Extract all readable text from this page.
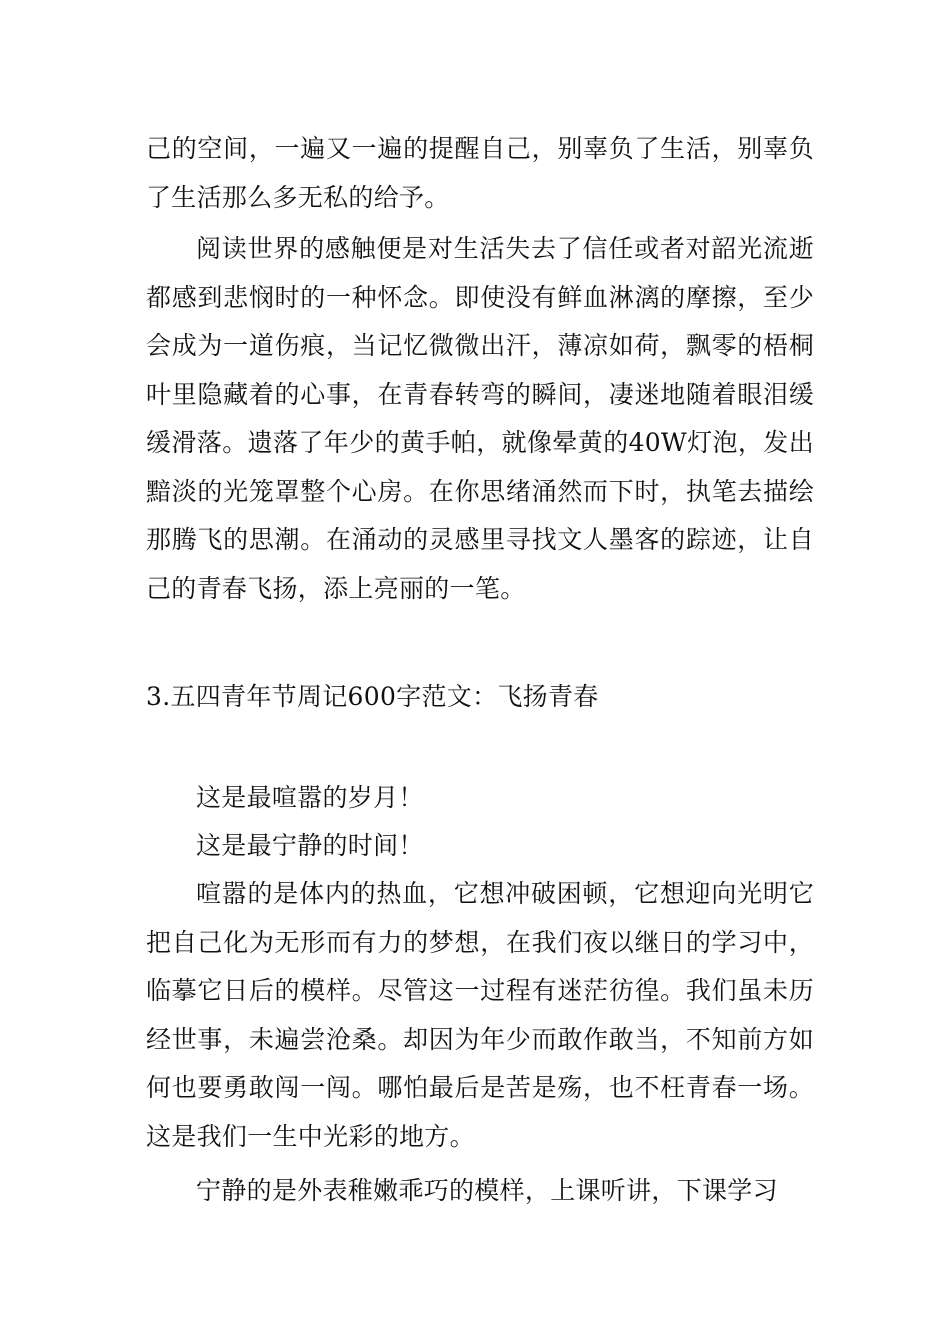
己的空间，一遍又一遍的提醒自己，别辜负了生活，别辜负了生活那么多无私的给予。

阅读世界的感触便是对生活失去了信任或者对韶光流逝都感到悲悯时的一种怀念。即使没有鲜血淋漓的摩擦，至少会成为一道伤痕，当记忆微微出汗，薄凉如荷，飘零的梧桐叶里隐藏着的心事，在青春转弯的瞬间，凄迷地随着眼泪缓缓滑落。遗落了年少的黄手帕，就像晕黄的40W灯泡，发出黯淡的光笼罩整个心房。在你思绪涌然而下时，执笔去描绘那腾飞的思潮。在涌动的灵感里寻找文人墨客的踪迹，让自己的青春飞扬，添上亮丽的一笔。

3.五四青年节周记600字范文：飞扬青春

这是最喧嚣的岁月！

这是最宁静的时间！

喧嚣的是体内的热血，它想冲破困顿，它想迎向光明它把自己化为无形而有力的梦想，在我们夜以继日的学习中，临摹它日后的模样。尽管这一过程有迷茫彷徨。我们虽未历经世事，未遍尝沧桑。却因为年少而敢作敢当，不知前方如何也要勇敢闯一闯。哪怕最后是苦是殇，也不枉青春一场。这是我们一生中光彩的地方。

宁静的是外表稚嫩乖巧的模样，上课听讲，下课学习
